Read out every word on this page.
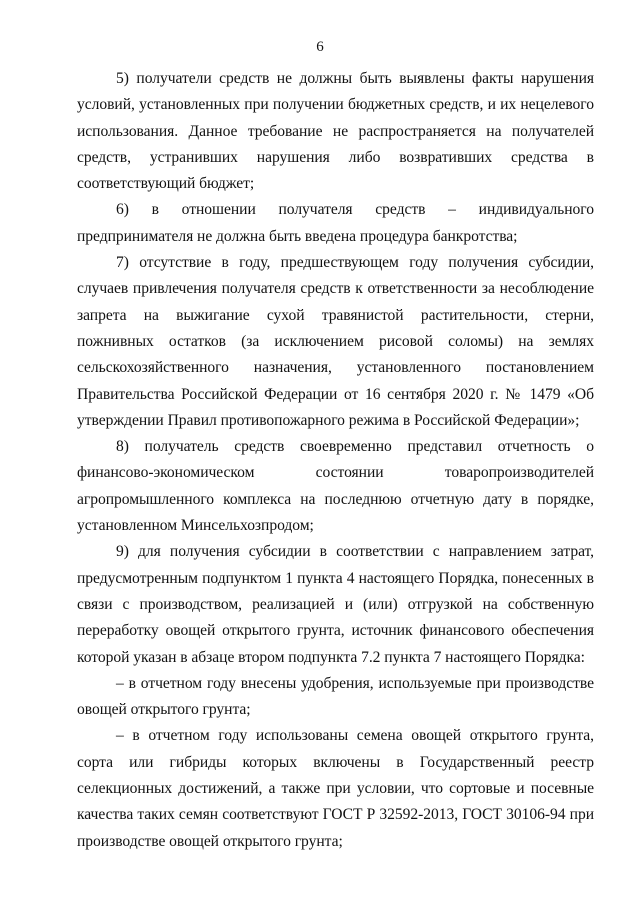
6

5) получатели средств не должны быть выявлены факты нарушения условий, установленных при получении бюджетных средств, и их нецелевого использования. Данное требование не распространяется на получателей средств, устранивших нарушения либо возвративших средства в соответствующий бюджет;

6) в отношении получателя средств – индивидуального предпринимателя не должна быть введена процедура банкротства;

7) отсутствие в году, предшествующем году получения субсидии, случаев привлечения получателя средств к ответственности за несоблюдение запрета на выжигание сухой травянистой растительности, стерни, пожнивных остатков (за исключением рисовой соломы) на землях сельскохозяйственного назначения, установленного постановлением Правительства Российской Федерации от 16 сентября 2020 г. № 1479 «Об утверждении Правил противопожарного режима в Российской Федерации»;

8) получатель средств своевременно представил отчетность о финансово-экономическом состоянии товаропроизводителей агропромышленного комплекса на последнюю отчетную дату в порядке, установленном Минсельхозпродом;

9) для получения субсидии в соответствии с направлением затрат, предусмотренным подпунктом 1 пункта 4 настоящего Порядка, понесенных в связи с производством, реализацией и (или) отгрузкой на собственную переработку овощей открытого грунта, источник финансового обеспечения которой указан в абзаце втором подпункта 7.2 пункта 7 настоящего Порядка:

– в отчетном году внесены удобрения, используемые при производстве овощей открытого грунта;

– в отчетном году использованы семена овощей открытого грунта, сорта или гибриды которых включены в Государственный реестр селекционных достижений, а также при условии, что сортовые и посевные качества таких семян соответствуют ГОСТ Р 32592-2013, ГОСТ 30106-94 при производстве овощей открытого грунта;
